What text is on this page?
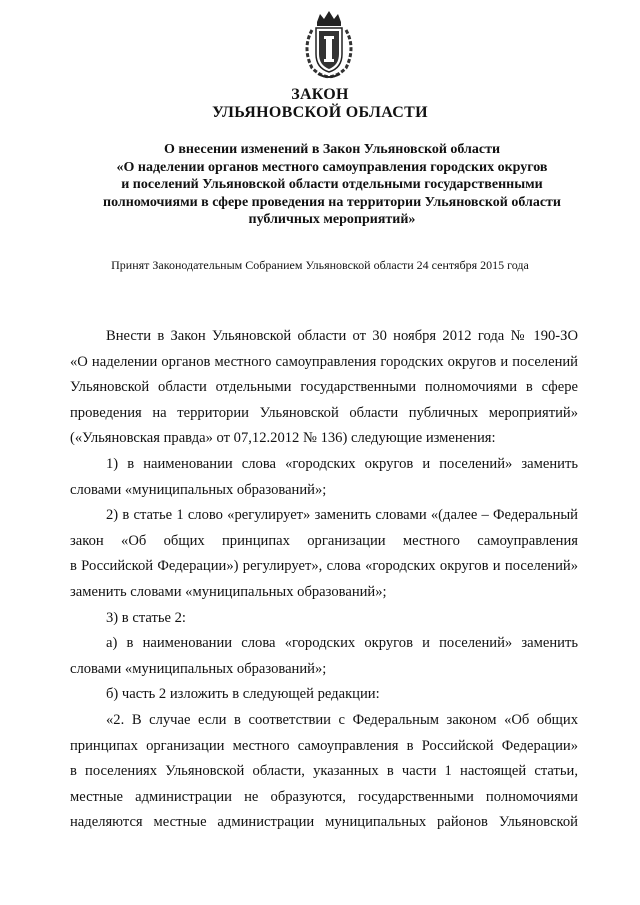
ЗАКОН
УЛЬЯНОВСКОЙ ОБЛАСТИ
О внесении изменений в Закон Ульяновской области
«О наделении органов местного самоуправления городских округов
и поселений Ульяновской области отдельными государственными
полномочиями в сфере проведения на территории Ульяновской области
публичных мероприятий»
Принят Законодательным Собранием Ульяновской области 24 сентября 2015 года
Внести в Закон Ульяновской области от 30 ноября 2012 года № 190-ЗО
«О наделении органов местного самоуправления городских округов и поселений
Ульяновской области отдельными государственными полномочиями в сфере
проведения на территории Ульяновской области публичных мероприятий»
(«Ульяновская правда» от 07,12.2012 № 136) следующие изменения:
1) в наименовании слова «городских округов и поселений» заменить
словами «муниципальных образований»;
2) в статье 1 слово «регулирует» заменить словами «(далее – Федеральный
закон «Об общих принципах организации местного самоуправления
в Российской Федерации») регулирует», слова «городских округов и поселений»
заменить словами «муниципальных образований»;
3) в статье 2:
а) в наименовании слова «городских округов и поселений» заменить
словами «муниципальных образований»;
б) часть 2 изложить в следующей редакции:
«2. В случае если в соответствии с Федеральным законом «Об общих
принципах организации местного самоуправления в Российской Федерации»
в поселениях Ульяновской области, указанных в части 1 настоящей статьи,
местные администрации не образуются, государственными полномочиями
наделяются местные администрации муниципальных районов Ульяновской
